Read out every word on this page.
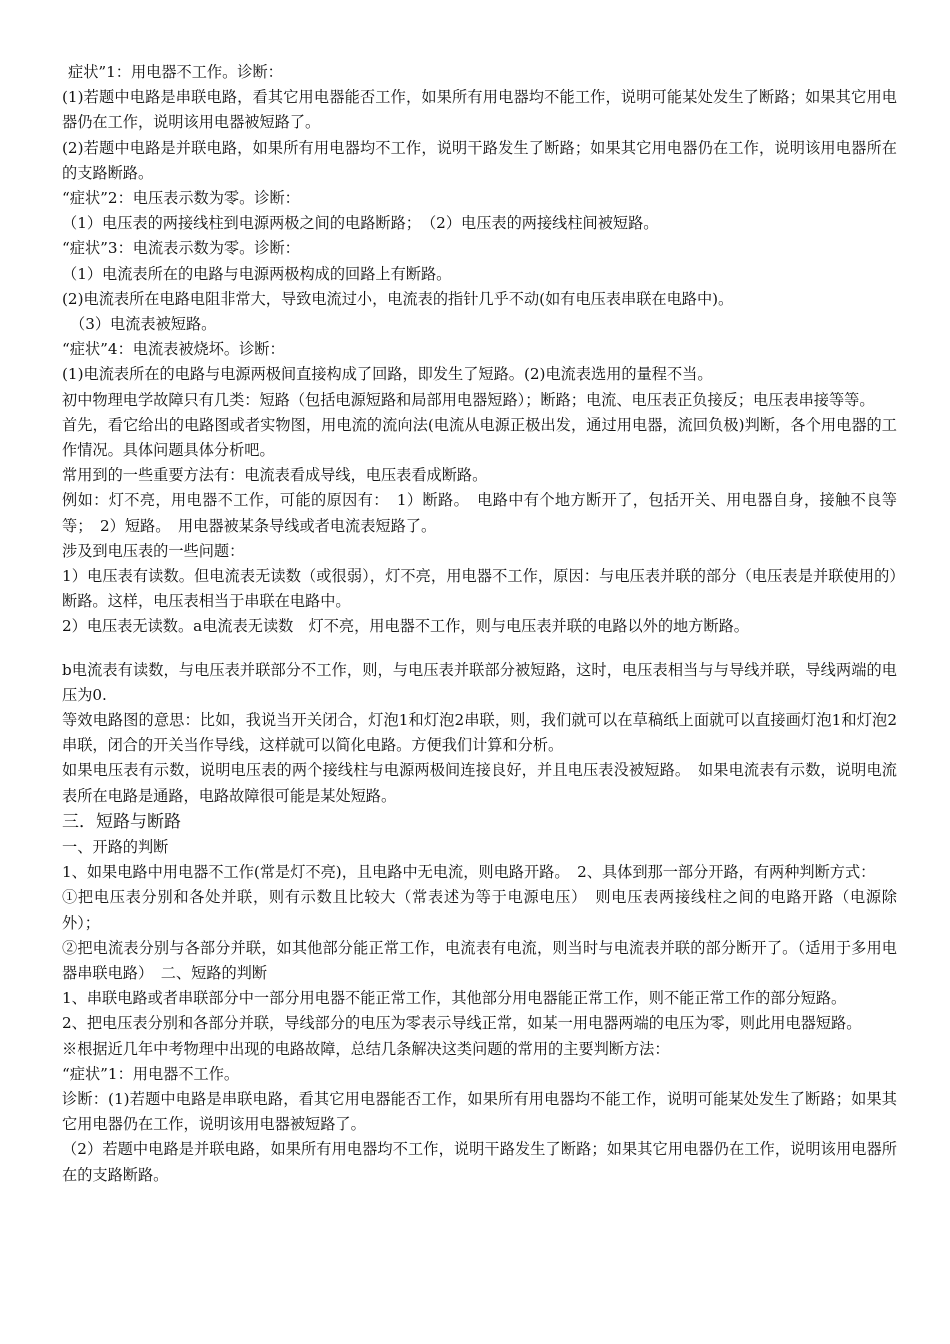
症状”1：用电器不工作。诊断：

(1)若题中电路是串联电路，看其它用电器能否工作，如果所有用电器均不能工作，说明可能某处发生了断路；如果其它用电器仍在工作，说明该用电器被短路了。

(2)若题中电路是并联电路，如果所有用电器均不工作，说明干路发生了断路；如果其它用电器仍在工作，说明该用电器所在的支路断路。

“症状”2：电压表示数为零。诊断：

（1）电压表的两接线柱到电源两极之间的电路断路；　（2）电压表的两接线柱间被短路。

“症状”3：电流表示数为零。诊断：

（1）电流表所在的电路与电源两极构成的回路上有断路。

(2)电流表所在电路电阻非常大，导致电流过小，电流表的指针几乎不动(如有电压表串联在电路中)。

（3）电流表被短路。

“症状”4：电流表被烧坏。诊断：

(1)电流表所在的电路与电源两极间直接构成了回路，即发生了短路。(2)电流表选用的量程不当。

初中物理电学故障只有几类：短路（包括电源短路和局部用电器短路）；断路；电流、电压表正负接反；电压表串接等等。

首先，看它给出的电路图或者实物图，用电流的流向法(电流从电源正极出发，通过用电器，流回负极)判断，各个用电器的工作情况。具体问题具体分析吧。

常用到的一些重要方法有：电流表看成导线，电压表看成断路。

例如：灯不亮，用电器不工作，可能的原因有：　1）断路。　电路中有个地方断开了，包括开关、用电器自身，接触不良等等；　2）短路。　用电器被某条导线或者电流表短路了。

涉及到电压表的一些问题：

1）电压表有读数。但电流表无读数（或很弱），灯不亮，用电器不工作，原因：与电压表并联的部分（电压表是并联使用的）断路。这样，电压表相当于串联在电路中。

2）电压表无读数。a电流表无读数　灯不亮，用电器不工作，则与电压表并联的电路以外的地方断路。

b电流表有读数，与电压表并联部分不工作，则，与电压表并联部分被短路，这时，电压表相当与与导线并联，导线两端的电压为0.

等效电路图的意思：比如，我说当开关闭合，灯泡1和灯泡2串联，则，我们就可以在草稿纸上面就可以直接画灯泡1和灯泡2串联，闭合的开关当作导线，这样就可以简化电路。方便我们计算和分析。

如果电压表有示数，说明电压表的两个接线柱与电源两极间连接良好，并且电压表没被短路。　如果电流表有示数，说明电流表所在电路是通路，电路故障很可能是某处短路。

三．短路与断路

一、开路的判断

1、如果电路中用电器不工作(常是灯不亮)，且电路中无电流，则电路开路。　2、具体到那一部分开路，有两种判断方式：

①把电压表分别和各处并联，则有示数且比较大（常表述为等于电源电压）　则电压表两接线柱之间的电路开路（电源除外）；

②把电流表分别与各部分并联，如其他部分能正常工作，电流表有电流，则当时与电流表并联的部分断开了。（适用于多用电器串联电路）　二、短路的判断

1、串联电路或者串联部分中一部分用电器不能正常工作，其他部分用电器能正常工作，则不能正常工作的部分短路。

2、把电压表分别和各部分并联，导线部分的电压为零表示导线正常，如某一用电器两端的电压为零，则此用电器短路。

※根据近几年中考物理中出现的电路故障，总结几条解决这类问题的常用的主要判断方法：

“症状”1：用电器不工作。

诊断：(1)若题中电路是串联电路，看其它用电器能否工作，如果所有用电器均不能工作，说明可能某处发生了断路；如果其它用电器仍在工作，说明该用电器被短路了。

（2）若题中电路是并联电路，如果所有用电器均不工作，说明干路发生了断路；如果其它用电器仍在工作，说明该用电器所在的支路断路。
